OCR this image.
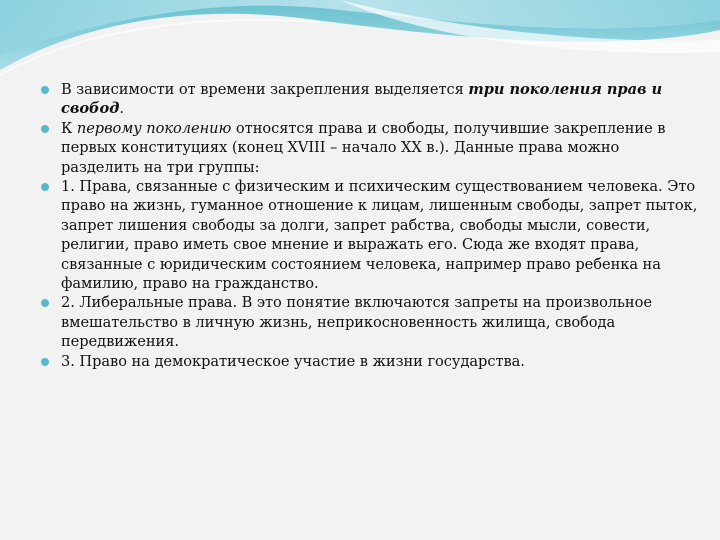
В зависимости от времени закрепления выделяется три поколения прав и свобод.
К первому поколению относятся права и свободы, получившие закрепление в первых конституциях (конец XVIII – начало XX в.). Данные права можно разделить на три группы:
1. Права, связанные с физическим и психическим существованием человека. Это право на жизнь, гуманное отношение к лицам, лишенным свободы, запрет пыток, запрет лишения свободы за долги, запрет рабства, свободы мысли, совести, религии, право иметь свое мнение и выражать его. Сюда же входят права, связанные с юридическим состоянием человека, например право ребенка на фамилию, право на гражданство.
2. Либеральные права. В это понятие включаются запреты на произвольное вмешательство в личную жизнь, неприкосновенность жилища, свобода передвижения.
3. Право на демократическое участие в жизни государства.
